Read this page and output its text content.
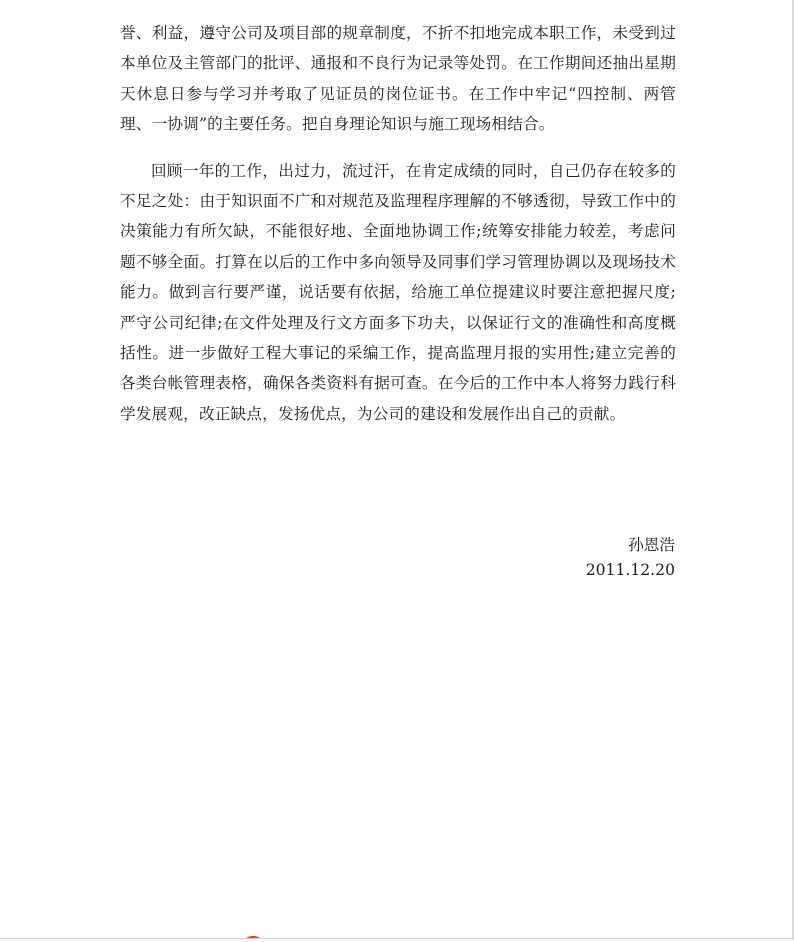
誉、利益，遵守公司及项目部的规章制度，不折不扣地完成本职工作，未受到过本单位及主管部门的批评、通报和不良行为记录等处罚。在工作期间还抽出星期天休息日参与学习并考取了见证员的岗位证书。在工作中牢记“四控制、两管理、一协调”的主要任务。把自身理论知识与施工现场相结合。

回顾一年的工作，出过力，流过汗，在肯定成绩的同时，自己仍存在较多的不足之处：由于知识面不广和对规范及监理程序理解的不够透彻，导致工作中的决策能力有所欠缺，不能很好地、全面地协调工作;统筹安排能力较差，考虑问题不够全面。打算在以后的工作中多向领导及同事们学习管理协调以及现场技术能力。做到言行要严谨，说话要有依据，给施工单位提建议时要注意把握尺度;严守公司纪律;在文件处理及行文方面多下功夫，以保证行文的准确性和高度概括性。进一步做好工程大事记的采编工作，提高监理月报的实用性;建立完善的各类台帐管理表格，确保各类资料有据可查。在今后的工作中本人将努力践行科学发展观，改正缺点，发扬优点，为公司的建设和发展作出自己的贡献。

孙恩浩
2011.12.20
